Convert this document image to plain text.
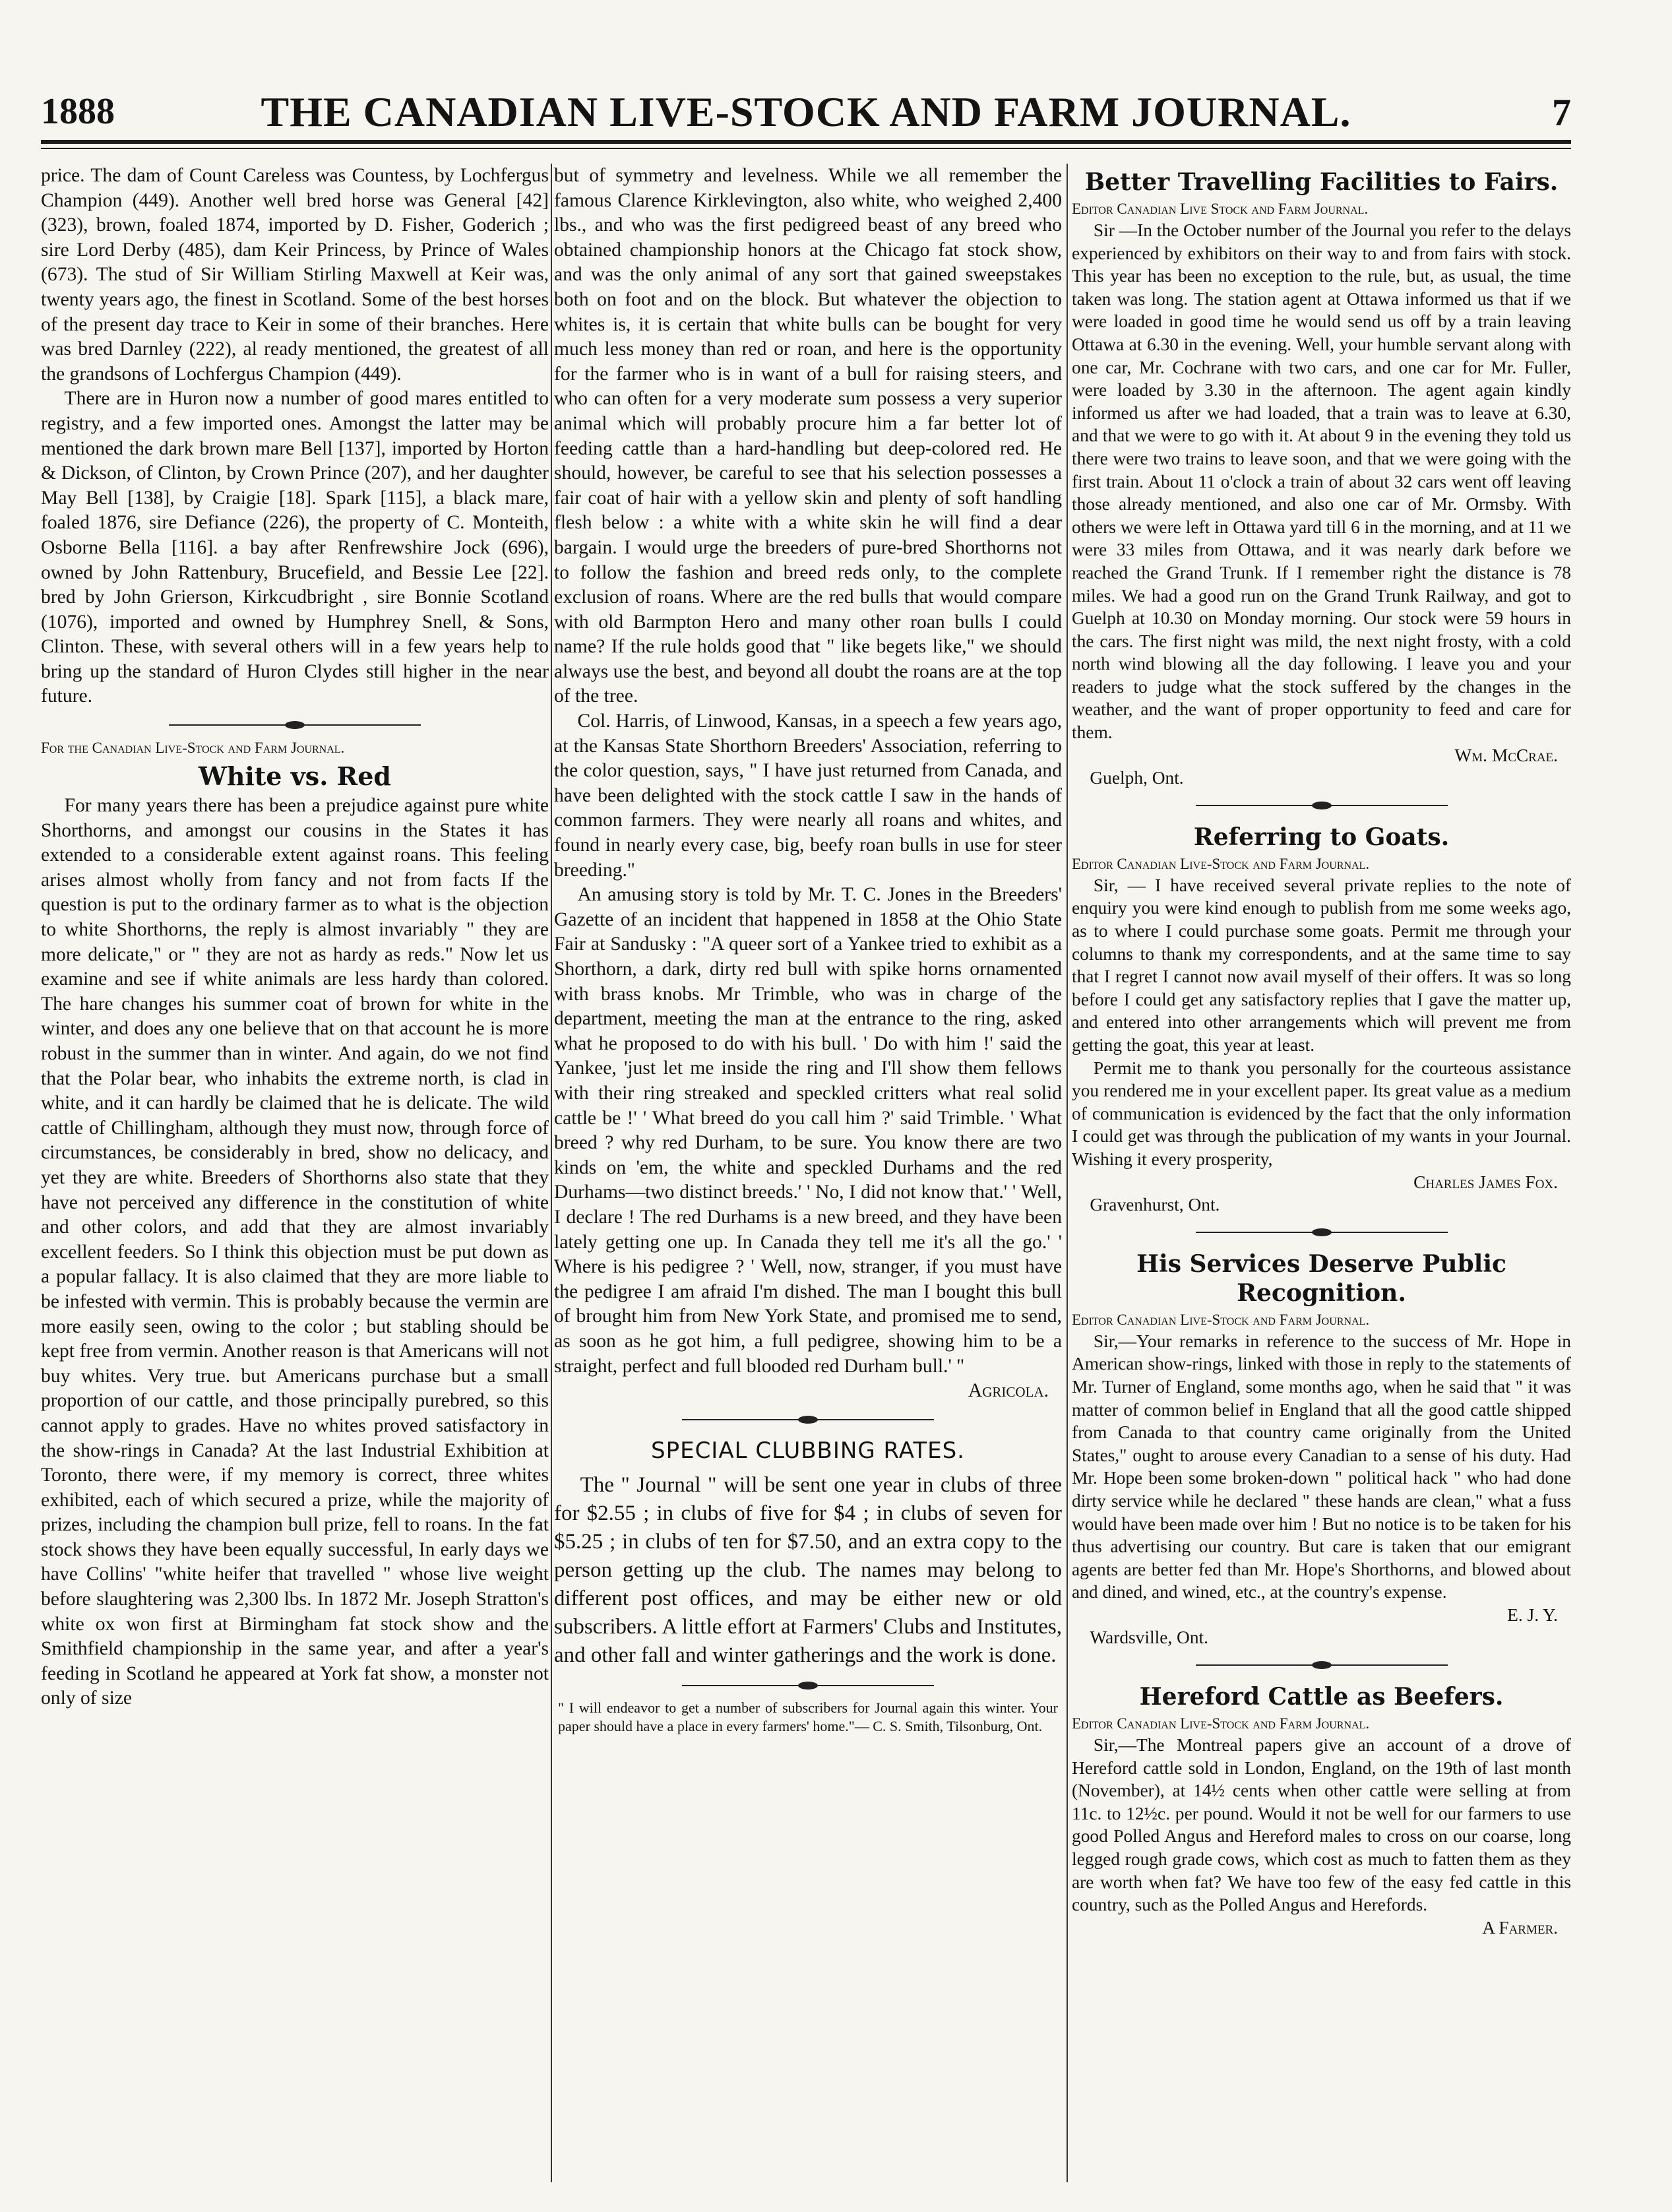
1888	THE CANADIAN LIVE-STOCK AND FARM JOURNAL.	7

price. The dam of Count Careless was Countess, by Lochfergus Champion (449). Another well bred horse was General [42] (323), brown, foaled 1874, imported by D. Fisher, Goderich ; sire Lord Derby (485), dam Keir Princess, by Prince of Wales (673). The stud of Sir William Stirling Maxwell at Keir was, twenty years ago, the finest in Scotland. Some of the best horses of the present day trace to Keir in some of their branches. Here was bred Darnley (222), al ready mentioned, the greatest of all the grandsons of Lochfergus Champion (449).

There are in Huron now a number of good mares entitled to registry, and a few imported ones. Amongst the latter may be mentioned the dark brown mare Bell [137], imported by Horton & Dickson, of Clinton, by Crown Prince (207), and her daughter May Bell [138], by Craigie [18]. Spark [115], a black mare, foaled 1876, sire Defiance (226), the property of C. Monteith, Osborne Bella [116]. a bay after Renfrewshire Jock (696), owned by John Rattenbury, Brucefield, and Bessie Lee [22]. bred by John Grierson, Kirkcudbright , sire Bonnie Scotland (1076), imported and owned by Humphrey Snell, & Sons, Clinton. These, with several others will in a few years help to bring up the standard of Huron Clydes still higher in the near future.

For the Canadian Live-Stock and Farm Journal.

White vs. Red

For many years there has been a prejudice against pure white Shorthorns, and amongst our cousins in the States it has extended to a considerable extent against roans. This feeling arises almost wholly from fancy and not from facts If the question is put to the ordinary farmer as to what is the objection to white Shorthorns, the reply is almost invariably " they are more delicate," or " they are not as hardy as reds." Now let us examine and see if white animals are less hardy than colored. The hare changes his summer coat of brown for white in the winter, and does any one believe that on that account he is more robust in the summer than in winter. And again, do we not find that the Polar bear, who inhabits the extreme north, is clad in white, and it can hardly be claimed that he is delicate. The wild cattle of Chillingham, although they must now, through force of circumstances, be considerably in bred, show no delicacy, and yet they are white. Breeders of Shorthorns also state that they have not perceived any difference in the constitution of white and other colors, and add that they are almost invariably excellent feeders. So I think this objection must be put down as a popular fallacy. It is also claimed that they are more liable to be infested with vermin. This is probably because the vermin are more easily seen, owing to the color ; but stabling should be kept free from vermin. Another reason is that Americans will not buy whites. Very true. but Americans purchase but a small proportion of our cattle, and those principally purebred, so this cannot apply to grades. Have no whites proved satisfactory in the show-rings in Canada? At the last Industrial Exhibition at Toronto, there were, if my memory is correct, three whites exhibited, each of which secured a prize, while the majority of prizes, including the champion bull prize, fell to roans. In the fat stock shows they have been equally successful, In early days we have Collins' "white heifer that travelled " whose live weight before slaughtering was 2,300 lbs. In 1872 Mr. Joseph Stratton's white ox won first at Birmingham fat stock show and the Smithfield championship in the same year, and after a year's feeding in Scotland he appeared at York fat show, a monster not only of size

but of symmetry and levelness. While we all remember the famous Clarence Kirklevington, also white, who weighed 2,400 lbs., and who was the first pedigreed beast of any breed who obtained championship honors at the Chicago fat stock show, and was the only animal of any sort that gained sweepstakes both on foot and on the block. But whatever the objection to whites is, it is certain that white bulls can be bought for very much less money than red or roan, and here is the opportunity for the farmer who is in want of a bull for raising steers, and who can often for a very moderate sum possess a very superior animal which will probably procure him a far better lot of feeding cattle than a hard-handling but deep-colored red. He should, however, be careful to see that his selection possesses a fair coat of hair with a yellow skin and plenty of soft handling flesh below : a white with a white skin he will find a dear bargain. I would urge the breeders of pure-bred Shorthorns not to follow the fashion and breed reds only, to the complete exclusion of roans. Where are the red bulls that would compare with old Barmpton Hero and many other roan bulls I could name? If the rule holds good that " like begets like," we should always use the best, and beyond all doubt the roans are at the top of the tree.

Col. Harris, of Linwood, Kansas, in a speech a few years ago, at the Kansas State Shorthorn Breeders' Association, referring to the color question, says, " I have just returned from Canada, and have been delighted with the stock cattle I saw in the hands of common farmers. They were nearly all roans and whites, and found in nearly every case, big, beefy roan bulls in use for steer breeding."

An amusing story is told by Mr. T. C. Jones in the Breeders' Gazette of an incident that happened in 1858 at the Ohio State Fair at Sandusky : "A queer sort of a Yankee tried to exhibit as a Shorthorn, a dark, dirty red bull with spike horns ornamented with brass knobs. Mr Trimble, who was in charge of the department, meeting the man at the entrance to the ring, asked what he proposed to do with his bull. ' Do with him !' said the Yankee, 'just let me inside the ring and I'll show them fellows with their ring streaked and speckled critters what real solid cattle be !' ' What breed do you call him ?' said Trimble. ' What breed ? why red Durham, to be sure. You know there are two kinds on 'em, the white and speckled Durhams and the red Durhams—two distinct breeds.' ' No, I did not know that.' ' Well, I declare ! The red Durhams is a new breed, and they have been lately getting one up. In Canada they tell me it's all the go.' ' Where is his pedigree ? ' Well, now, stranger, if you must have the pedigree I am afraid I'm dished. The man I bought this bull of brought him from New York State, and promised me to send, as soon as he got him, a full pedigree, showing him to be a straight, perfect and full blooded red Durham bull.' "

Agricola.

SPECIAL CLUBBING RATES.

The " Journal " will be sent one year in clubs of three for $2.55 ; in clubs of five for $4 ; in clubs of seven for $5.25 ; in clubs of ten for $7.50, and an extra copy to the person getting up the club. The names may belong to different post offices, and may be either new or old subscribers. A little effort at Farmers' Clubs and Institutes, and other fall and winter gatherings and the work is done.

" I will endeavor to get a number of subscribers for Journal again this winter. Your paper should have a place in every farmers' home."— C. S. Smith, Tilsonburg, Ont.

Better Travelling Facilities to Fairs.

Editor Canadian Live Stock and Farm Journal.

Sir —In the October number of the Journal you refer to the delays experienced by exhibitors on their way to and from fairs with stock. This year has been no exception to the rule, but, as usual, the time taken was long. The station agent at Ottawa informed us that if we were loaded in good time he would send us off by a train leaving Ottawa at 6.30 in the evening. Well, your humble servant along with one car, Mr. Cochrane with two cars, and one car for Mr. Fuller, were loaded by 3.30 in the afternoon. The agent again kindly informed us after we had loaded, that a train was to leave at 6.30, and that we were to go with it. At about 9 in the evening they told us there were two trains to leave soon, and that we were going with the first train. About 11 o'clock a train of about 32 cars went off leaving those already mentioned, and also one car of Mr. Ormsby. With others we were left in Ottawa yard till 6 in the morning, and at 11 we were 33 miles from Ottawa, and it was nearly dark before we reached the Grand Trunk. If I remember right the distance is 78 miles. We had a good run on the Grand Trunk Railway, and got to Guelph at 10.30 on Monday morning. Our stock were 59 hours in the cars. The first night was mild, the next night frosty, with a cold north wind blowing all the day following. I leave you and your readers to judge what the stock suffered by the changes in the weather, and the want of proper opportunity to feed and care for them.

Wm. McCrae.

Guelph, Ont.

Referring to Goats.

Editor Canadian Live-Stock and Farm Journal.

Sir, — I have received several private replies to the note of enquiry you were kind enough to publish from me some weeks ago, as to where I could purchase some goats. Permit me through your columns to thank my correspondents, and at the same time to say that I regret I cannot now avail myself of their offers. It was so long before I could get any satisfactory replies that I gave the matter up, and entered into other arrangements which will prevent me from getting the goat, this year at least.

Permit me to thank you personally for the courteous assistance you rendered me in your excellent paper. Its great value as a medium of communication is evidenced by the fact that the only information I could get was through the publication of my wants in your Journal. Wishing it every prosperity,

Charles James Fox.

Gravenhurst, Ont.

His Services Deserve Public Recognition.

Editor Canadian Live-Stock and Farm Journal.

Sir,—Your remarks in reference to the success of Mr. Hope in American show-rings, linked with those in reply to the statements of Mr. Turner of England, some months ago, when he said that " it was matter of common belief in England that all the good cattle shipped from Canada to that country came originally from the United States," ought to arouse every Canadian to a sense of his duty. Had Mr. Hope been some broken-down " political hack " who had done dirty service while he declared " these hands are clean," what a fuss would have been made over him ! But no notice is to be taken for his thus advertising our country. But care is taken that our emigrant agents are better fed than Mr. Hope's Shorthorns, and blowed about and dined, and wined, etc., at the country's expense.

E. J. Y.

Wardsville, Ont.

Hereford Cattle as Beefers.

Editor Canadian Live-Stock and Farm Journal.

Sir,—The Montreal papers give an account of a drove of Hereford cattle sold in London, England, on the 19th of last month (November), at 14½ cents when other cattle were selling at from 11c. to 12½c. per pound. Would it not be well for our farmers to use good Polled Angus and Hereford males to cross on our coarse, long legged rough grade cows, which cost as much to fatten them as they are worth when fat? We have too few of the easy fed cattle in this country, such as the Polled Angus and Herefords.

A Farmer.
